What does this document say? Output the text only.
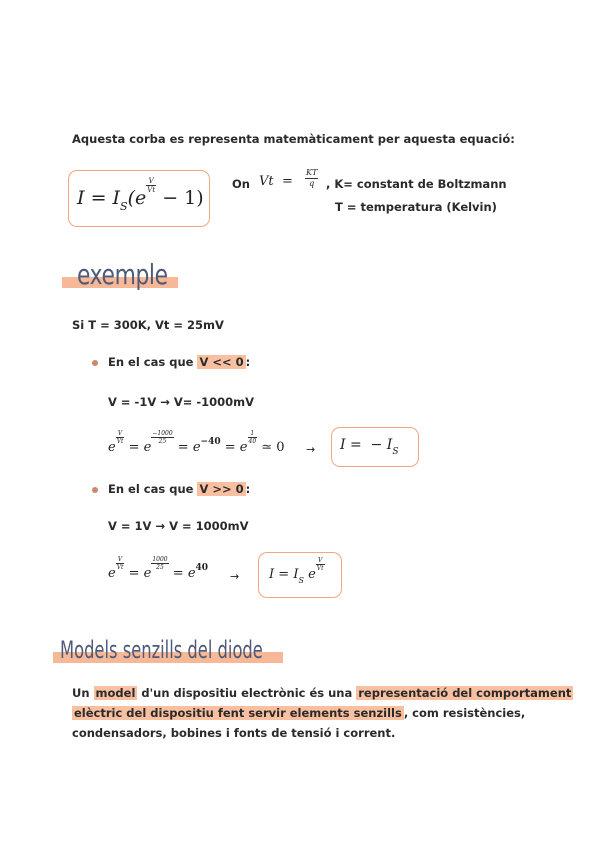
Aquesta corba es representa matemàticament per aquesta equació:
$I = I_S(e$
$\frac{V}{Vt}$
− 1)
On $Vt = \frac{KT}{q}$ , K= constant de Boltzmann
T = temperatura (Kelvin)
exemple
Si T = 300K, Vt = 25mV
En el cas que V << 0 :
V = -1V → V= -1000mV
e
$\frac{V}{Vt}$
= e
$\frac{-1000}{25}$
= $e^{-40} = e$
$\frac{1}{40}$
≃ 0 → I = − $I_S$
En el cas que V >> 0 :
V = 1V → V = 1000mV
e
$\frac{V}{Vt}$
= e
$\frac{1000}{25}$
= $e^{40}$
→ $I = I_S$ e
$\frac{V}{Vt}$
Models senzills del diode
Un model d'un dispositiu electrònic és una representació del comportament
elèctric del dispositiu fent servir elements senzills , com resistències,
condensadors, bobines i fonts de tensió i corrent.
